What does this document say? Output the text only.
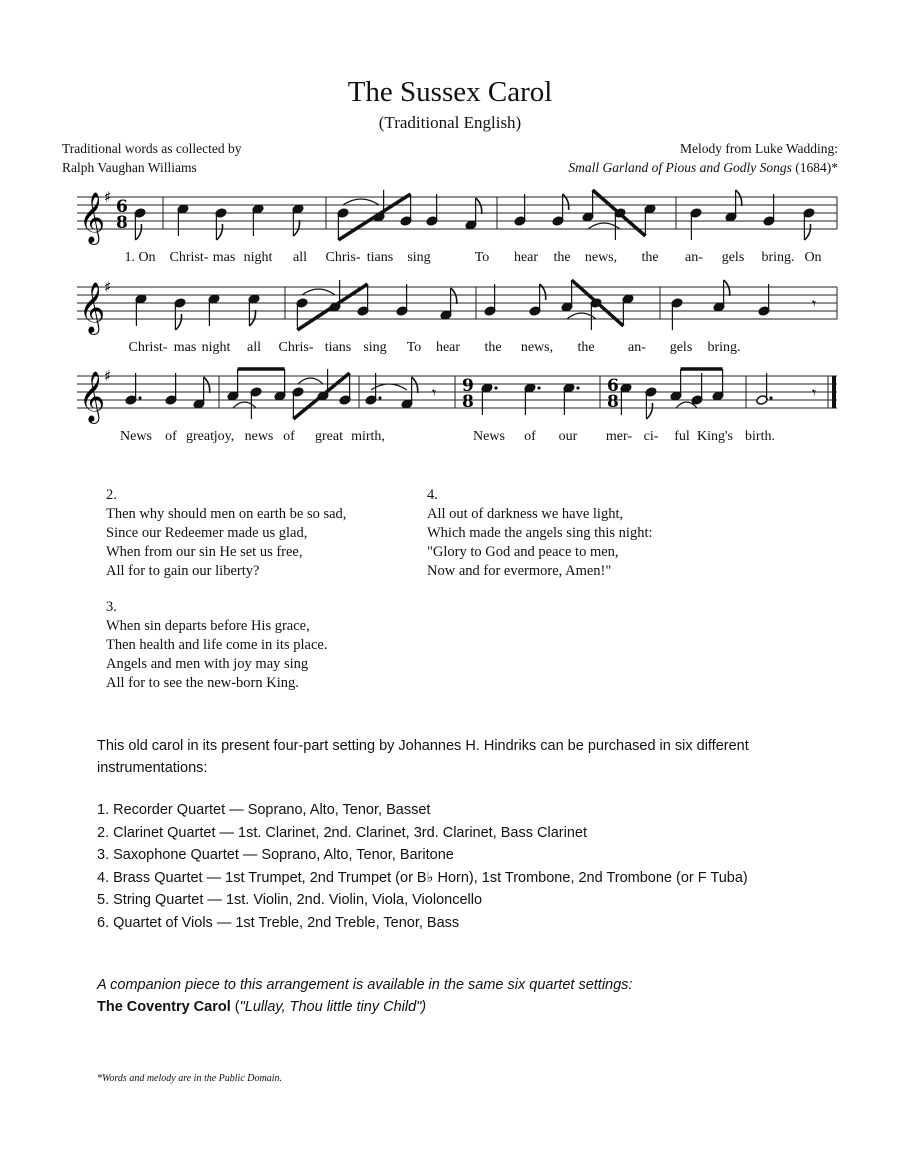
The Sussex Carol
(Traditional English)
Traditional words as collected by
Ralph Vaughan Williams
Melody from Luke Wadding:
Small Garland of Pious and Godly Songs (1684)*
𝄞
♯ 6
8
1. On Christ- mas night all Chris- tians sing	To hear the news, the an- gels bring. On
𝄞
♯
𝄾
Christ- mas night all Chris- tians sing To hear the news, the an- gels bring.
𝄞
♯
𝄾 9
8
6
8	𝄾
News of great joy, news of great mirth,	News of our mer- ci- ful King's birth.

2.

Then why should men on earth be so sad,

Since our Redeemer made us glad,

When from our sin He set us free,

All for to gain our liberty?

3.

When sin departs before His grace,

Then health and life come in its place.

Angels and men with joy may sing

All for to see the new-born King.

4.

All out of darkness we have light,

Which made the angels sing this night:

"Glory to God and peace to men,

Now and for evermore, Amen!"

This old carol in its present four-part setting by Johannes H. Hindriks can be purchased in six different instrumentations:

1. Recorder Quartet — Soprano, Alto, Tenor, Basset

2. Clarinet Quartet — 1st. Clarinet, 2nd. Clarinet, 3rd. Clarinet, Bass Clarinet

3. Saxophone Quartet — Soprano, Alto, Tenor, Baritone

4. Brass Quartet — 1st Trumpet, 2nd Trumpet (or B♭ Horn), 1st Trombone, 2nd Trombone (or F Tuba)

5. String Quartet — 1st. Violin, 2nd. Violin, Viola, Violoncello

6. Quartet of Viols — 1st Treble, 2nd Treble, Tenor, Bass

A companion piece to this arrangement is available in the same six quartet settings:
The Coventry Carol ("Lullay, Thou little tiny Child")
*Words and melody are in the Public Domain.
